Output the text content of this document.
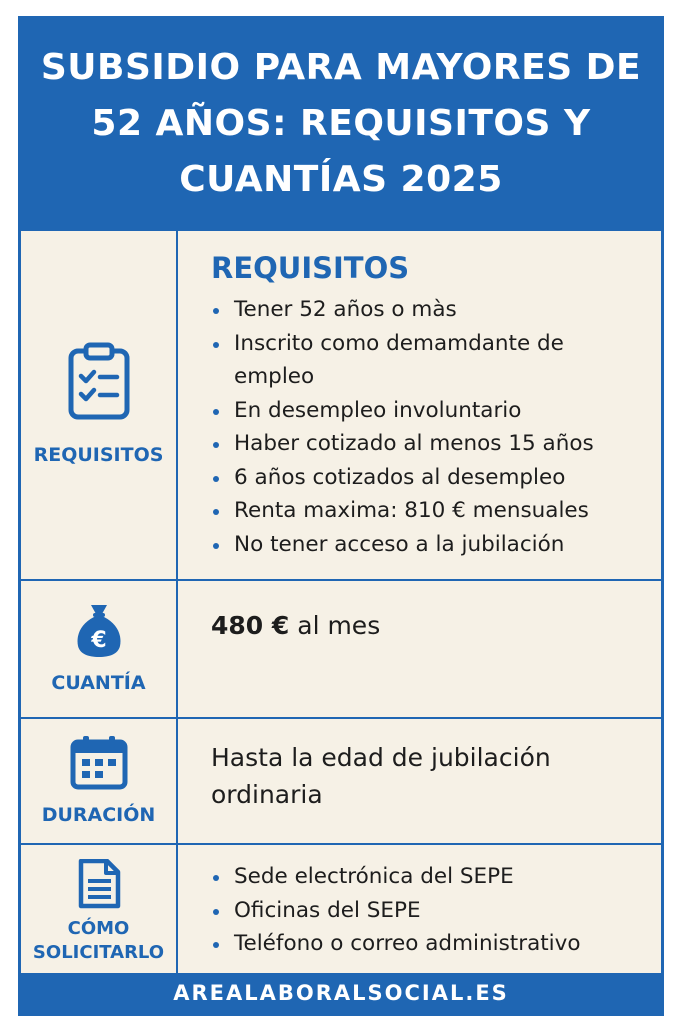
SUBSIDIO PARA MAYORES DE 52 AÑOS: REQUISITOS Y CUANTÍAS 2025
REQUISITOS
REQUISITOS
Tener 52 años o màs
Inscrito como demamdante de empleo
En desempleo involuntario
Haber cotizado al menos 15 años
6 años cotizados al desempleo
Renta maxima: 810 € mensuales
No tener acceso a la jubilación
€
CUANTÍA
480 € al mes
DURACIÓN
Hasta la edad de jubilación ordinaria
CÓMO
SOLICITARLO
Sede electrónica del SEPE
Oficinas del SEPE
Teléfono o correo administrativo
AREALABORALSOCIAL.ES
